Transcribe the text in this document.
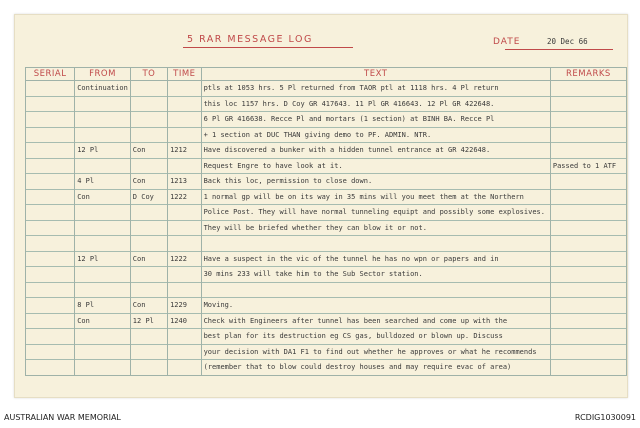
5 RAR MESSAGE LOG	DATE	20 Dec 66
SERIAL	FROM	TO	TIME	TEXT	REMARKS
	Continuation			ptls at 1053 hrs. 5 Pl returned from TAOR ptl at 1118 hrs. 4 Pl return	
				this loc 1157 hrs. D Coy GR 417643. 11 Pl GR 416643. 12 Pl GR 422648.	
				6 Pl GR 416638. Recce Pl and mortars (1 section) at BINH BA. Recce Pl	
				+ 1 section at DUC THAN giving demo to PF. ADMIN. NTR.	
	12 Pl	Con	1212	Have discovered a bunker with a hidden tunnel entrance at GR 422648.	
				Request Engre to have look at it.	Passed to 1 ATF
	4 Pl	Con	1213	Back this loc, permission to close down.	
	Con	D Coy	1222	1 normal gp will be on its way in 35 mins will you meet them at the Northern	
				Police Post. They will have normal tunneling equipt and possibly some explosives.	
				They will be briefed whether they can blow it or not.	

	12 Pl	Con	1222	Have a suspect in the vic of the tunnel he has no wpn or papers and in	
				30 mins 233 will take him to the Sub Sector station.	

	8 Pl	Con	1229	Moving.	
	Con	12 Pl	1240	Check with Engineers after tunnel has been searched and come up with the	
				best plan for its destruction eg CS gas, bulldozed or blown up. Discuss	
				your decision with DA1 F1 to find out whether he approves or what he recommends	
				(remember that to blow could destroy houses and may require evac of area)	
AUSTRALIAN WAR MEMORIAL	RCDIG1030091
